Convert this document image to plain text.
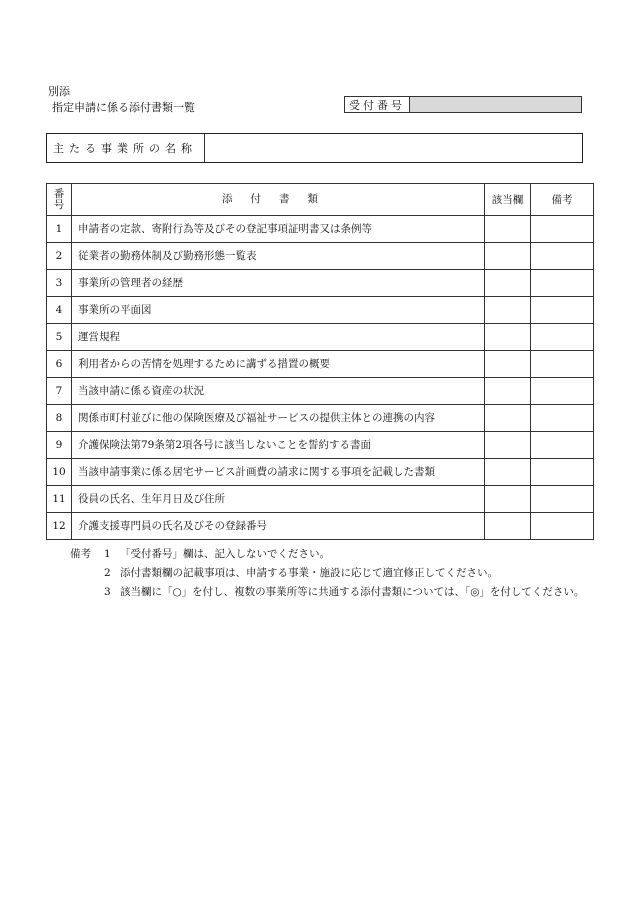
別添
指定申請に係る添付書類一覧	受付番号
主たる事業所の名称
番号	添付書類	該当欄	備考
1	申請者の定款、寄附行為等及びその登記事項証明書又は条例等		
2	従業者の勤務体制及び勤務形態一覧表		
3	事業所の管理者の経歴		
4	事業所の平面図		
5	運営規程		
6	利用者からの苦情を処理するために講ずる措置の概要		
7	当該申請に係る資産の状況		
8	関係市町村並びに他の保険医療及び福祉サービスの提供主体との連携の内容		
9	介護保険法第79条第2項各号に該当しないことを誓約する書面		
10	当該申請事業に係る居宅サービス計画費の請求に関する事項を記載した書類		
11	役員の氏名、生年月日及び住所		
12	介護支援専門員の氏名及びその登録番号		
備考	1 「受付番号」欄は、記入しないでください。
2 添付書類欄の記載事項は、申請する事業・施設に応じて適宜修正してください。
3 該当欄に「○」を付し、複数の事業所等に共通する添付書類については、「◎」を付してください。
